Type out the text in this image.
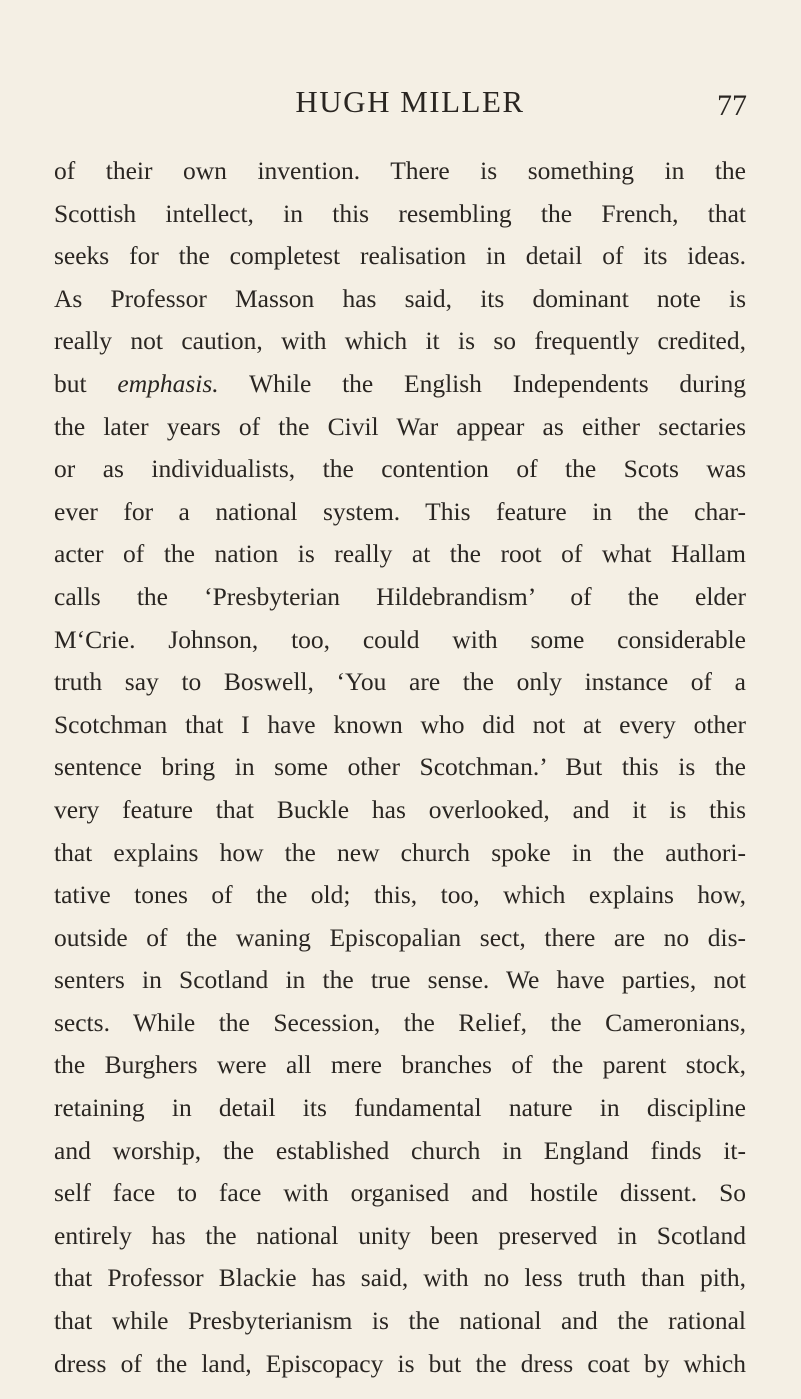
HUGH MILLER	77
of their own invention. There is something in the
Scottish intellect, in this resembling the French, that
seeks for the completest realisation in detail of its ideas.
As Professor Masson has said, its dominant note is
really not caution, with which it is so frequently credited,
but emphasis. While the English Independents during
the later years of the Civil War appear as either sectaries
or as individualists, the contention of the Scots was
ever for a national system. This feature in the char-
acter of the nation is really at the root of what Hallam
calls the ‘Presbyterian Hildebrandism’ of the elder
M‘Crie. Johnson, too, could with some considerable
truth say to Boswell, ‘You are the only instance of a
Scotchman that I have known who did not at every other
sentence bring in some other Scotchman.’ But this is the
very feature that Buckle has overlooked, and it is this
that explains how the new church spoke in the authori-
tative tones of the old; this, too, which explains how,
outside of the waning Episcopalian sect, there are no dis-
senters in Scotland in the true sense. We have parties, not
sects. While the Secession, the Relief, the Cameronians,
the Burghers were all mere branches of the parent stock,
retaining in detail its fundamental nature in discipline
and worship, the established church in England finds it-
self face to face with organised and hostile dissent. So
entirely has the national unity been preserved in Scotland
that Professor Blackie has said, with no less truth than pith,
that while Presbyterianism is the national and the rational
dress of the land, Episcopacy is but the dress coat by which
